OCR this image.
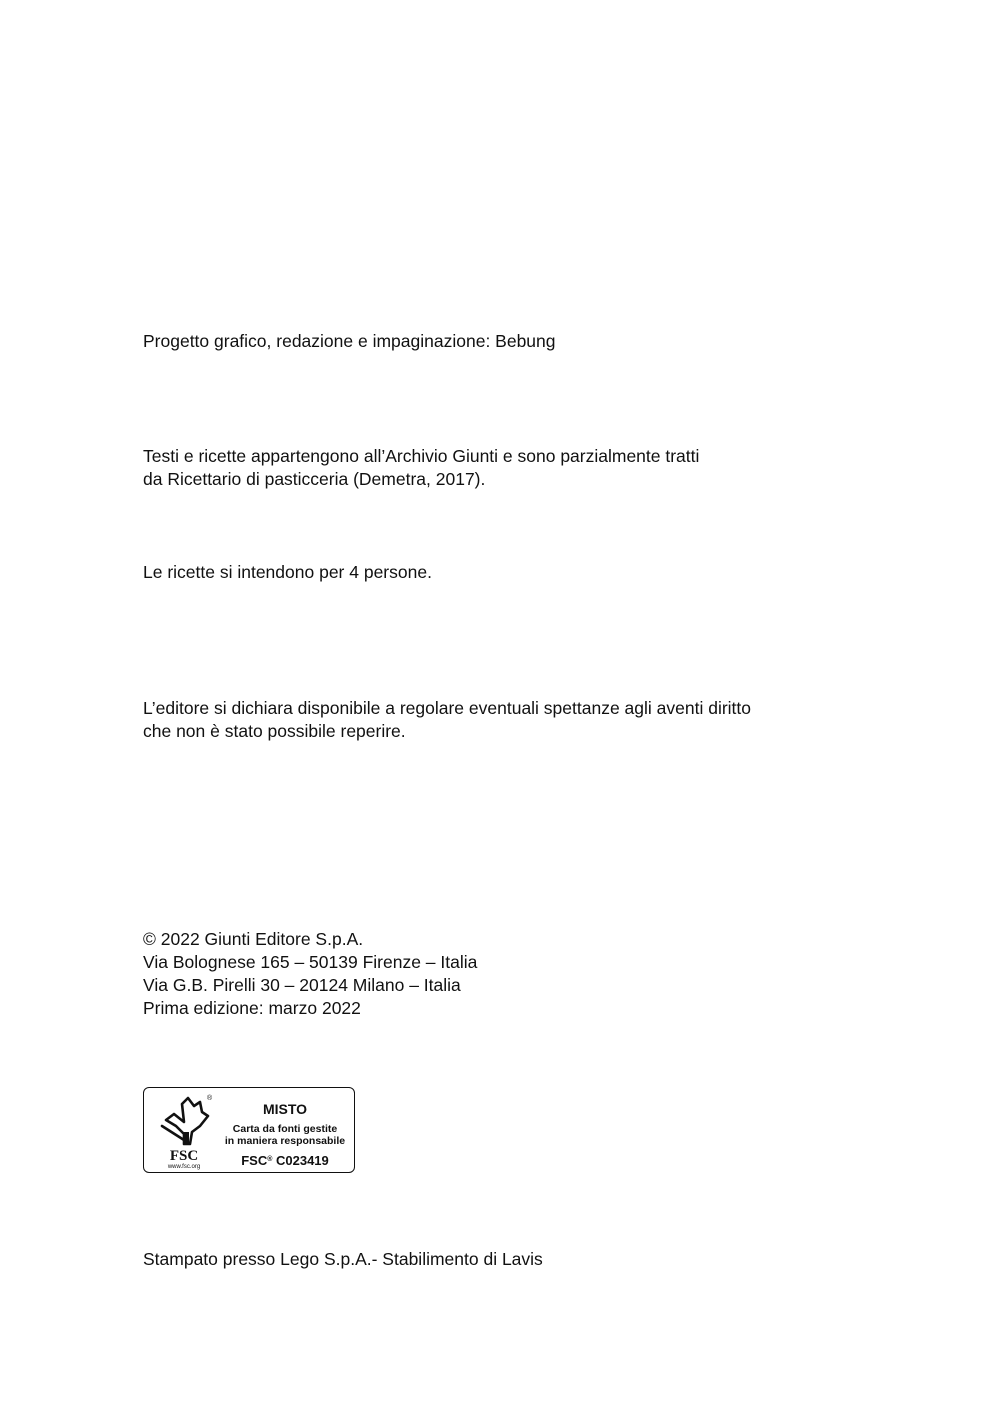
Progetto grafico, redazione e impaginazione: Bebung

Testi e ricette appartengono all’Archivio Giunti e sono parzialmente tratti

da Ricettario di pasticceria (Demetra, 2017).

Le ricette si intendono per 4 persone.

L’editore si dichiara disponibile a regolare eventuali spettanze agli aventi diritto

che non è stato possibile reperire.

© 2022 Giunti Editore S.p.A.

Via Bolognese 165 – 50139 Firenze – Italia

Via G.B. Pirelli 30 – 20124 Milano – Italia

Prima edizione: marzo 2022

®
FSC
www.fsc.org
MISTO
Carta da fonti gestite
in maniera responsabile
FSC® C023419

Stampato presso Lego S.p.A.- Stabilimento di Lavis
